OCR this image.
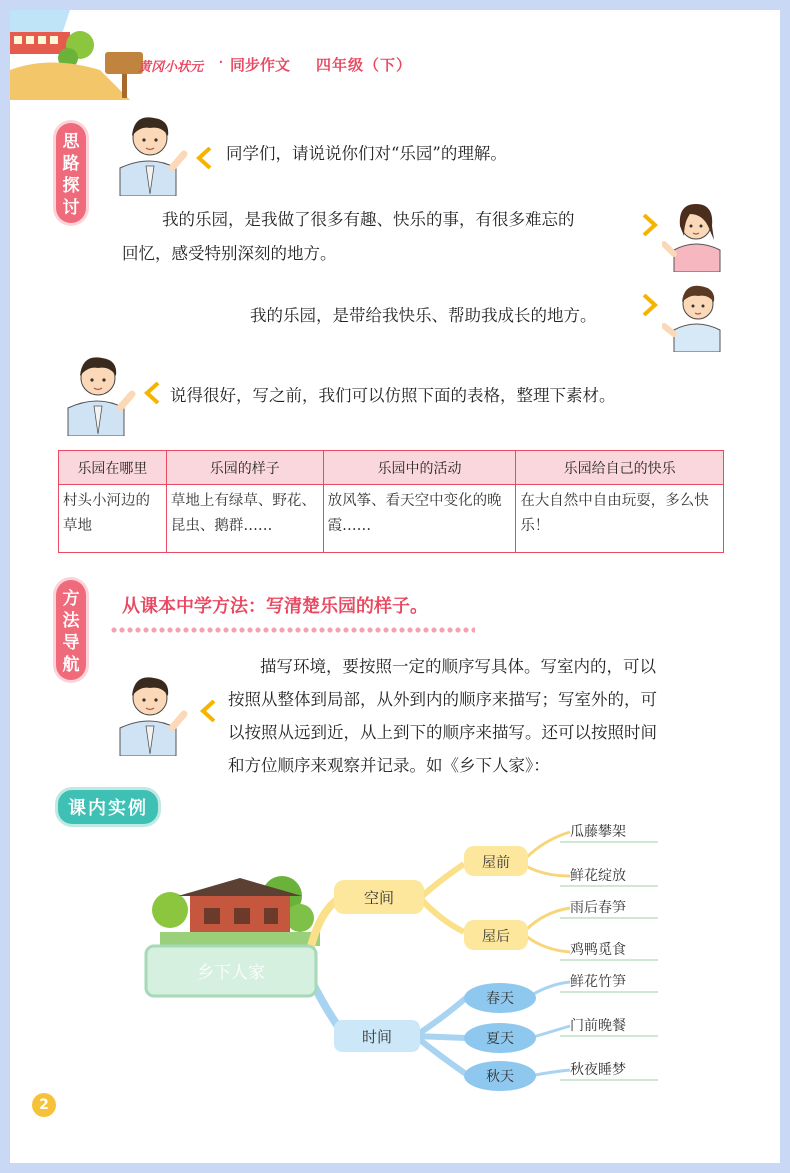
黄冈小状元 · 同步作文 四年级（下）
思
路
探
讨
同学们，请说说你们对“乐园”的理解。
我的乐园，是我做了很多有趣、快乐的事，有很多难忘的
回忆，感受特别深刻的地方。
我的乐园，是带给我快乐、帮助我成长的地方。
说得很好，写之前，我们可以仿照下面的表格，整理下素材。
乐园在哪里	乐园的样子	乐园中的活动	乐园给自己的快乐
村头小河边的草地	草地上有绿草、野花、昆虫、鹅群……	放风筝、看天空中变化的晚霞……	在大自然中自由玩耍，多么快乐！
方
法
导
航
从课本中学方法：写清楚乐园的样子。
描写环境，要按照一定的顺序写具体。写室内的，可以
按照从整体到局部，从外到内的顺序来描写；写室外的，可
以按照从远到近，从上到下的顺序来描写。还可以按照时间
和方位顺序来观察并记录。如《乡下人家》：
课内实例
乡下人家
空间
时间
屋前
屋后
春天
夏天
秋天
瓜藤攀架
鲜花绽放
雨后春笋
鸡鸭觅食
鲜花竹笋
门前晚餐
秋夜睡梦
2
